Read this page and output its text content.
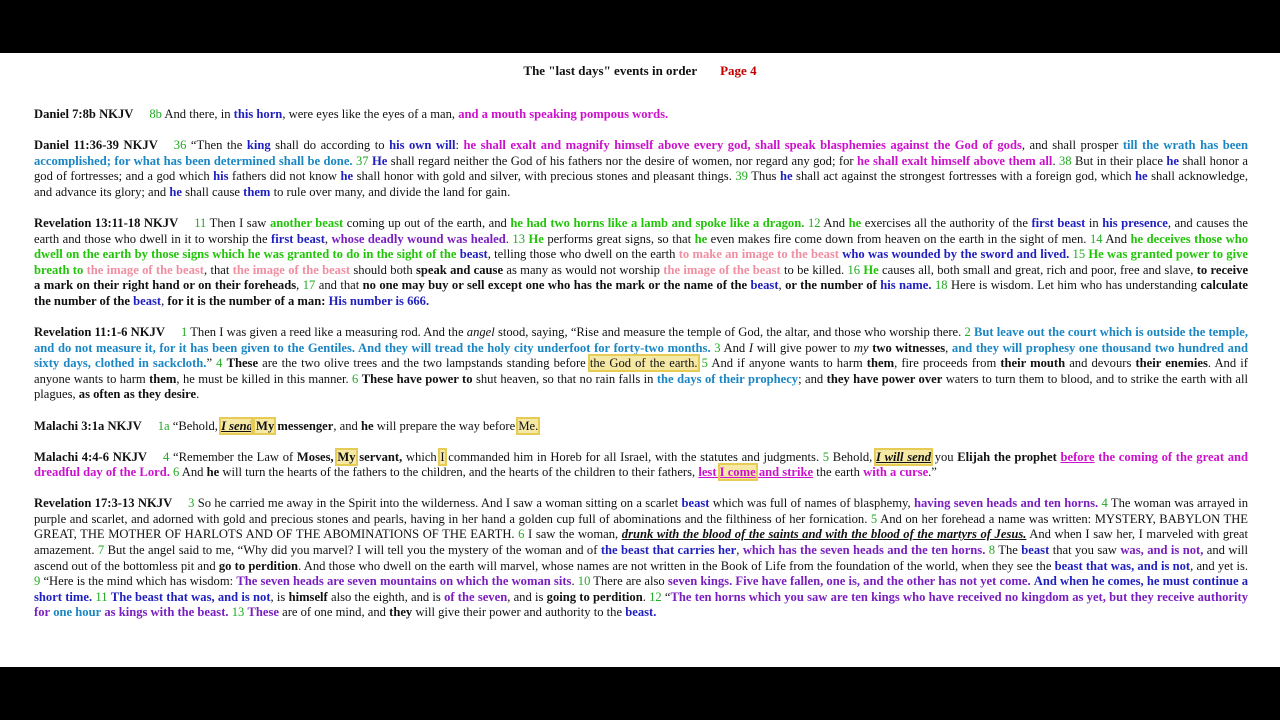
The "last days" events in order Page 4

Daniel 7:8b NKJV 8b And there, in this horn, were eyes like the eyes of a man, and a mouth speaking pompous words.

Daniel 11:36-39 NKJV 36 “Then the king shall do according to his own will: he shall exalt and magnify himself above every god, shall speak blasphemies against the God of gods, and shall prosper till the wrath has been accomplished; for what has been determined shall be done. 37 He shall regard neither the God of his fathers nor the desire of women, nor regard any god; for he shall exalt himself above them all. 38 But in their place he shall honor a god of fortresses; and a god which his fathers did not know he shall honor with gold and silver, with precious stones and pleasant things. 39 Thus he shall act against the strongest fortresses with a foreign god, which he shall acknowledge, and advance its glory; and he shall cause them to rule over many, and divide the land for gain.

Revelation 13:11-18 NKJV 11 Then I saw another beast coming up out of the earth, and he had two horns like a lamb and spoke like a dragon. 12 And he exercises all the authority of the first beast in his presence, and causes the earth and those who dwell in it to worship the first beast, whose deadly wound was healed. 13 He performs great signs, so that he even makes fire come down from heaven on the earth in the sight of men. 14 And he deceives those who dwell on the earth by those signs which he was granted to do in the sight of the beast, telling those who dwell on the earth to make an image to the beast who was wounded by the sword and lived. 15 He was granted power to give breath to the image of the beast, that the image of the beast should both speak and cause as many as would not worship the image of the beast to be killed. 16 He causes all, both small and great, rich and poor, free and slave, to receive a mark on their right hand or on their foreheads, 17 and that no one may buy or sell except one who has the mark or the name of the beast, or the number of his name. 18 Here is wisdom. Let him who has understanding calculate the number of the beast, for it is the number of a man: His number is 666.

Revelation 11:1-6 NKJV 1 Then I was given a reed like a measuring rod. And the angel stood, saying, “Rise and measure the temple of God, the altar, and those who worship there. 2 But leave out the court which is outside the temple, and do not measure it, for it has been given to the Gentiles. And they will tread the holy city underfoot for forty-two months. 3 And I will give power to my two witnesses, and they will prophesy one thousand two hundred and sixty days, clothed in sackcloth.” 4 These are the two olive trees and the two lampstands standing before the God of the earth. 5 And if anyone wants to harm them, fire proceeds from their mouth and devours their enemies. And if anyone wants to harm them, he must be killed in this manner. 6 These have power to shut heaven, so that no rain falls in the days of their prophecy; and they have power over waters to turn them to blood, and to strike the earth with all plagues, as often as they desire.

Malachi 3:1a NKJV 1a “Behold, I send My messenger, and he will prepare the way before Me.

Malachi 4:4-6 NKJV 4 “Remember the Law of Moses, My servant, which I commanded him in Horeb for all Israel, with the statutes and judgments. 5 Behold, I will send you Elijah the prophet before the coming of the great and dreadful day of the Lord. 6 And he will turn the hearts of the fathers to the children, and the hearts of the children to their fathers, lest I come and strike the earth with a curse.”

Revelation 17:3-13 NKJV 3 So he carried me away in the Spirit into the wilderness. And I saw a woman sitting on a scarlet beast which was full of names of blasphemy, having seven heads and ten horns. 4 The woman was arrayed in purple and scarlet, and adorned with gold and precious stones and pearls, having in her hand a golden cup full of abominations and the filthiness of her fornication. 5 And on her forehead a name was written: MYSTERY, BABYLON THE GREAT, THE MOTHER OF HARLOTS AND OF THE ABOMINATIONS OF THE EARTH. 6 I saw the woman, drunk with the blood of the saints and with the blood of the martyrs of Jesus. And when I saw her, I marveled with great amazement. 7 But the angel said to me, “Why did you marvel? I will tell you the mystery of the woman and of the beast that carries her, which has the seven heads and the ten horns. 8 The beast that you saw was, and is not, and will ascend out of the bottomless pit and go to perdition. And those who dwell on the earth will marvel, whose names are not written in the Book of Life from the foundation of the world, when they see the beast that was, and is not, and yet is. 9 “Here is the mind which has wisdom: The seven heads are seven mountains on which the woman sits. 10 There are also seven kings. Five have fallen, one is, and the other has not yet come. And when he comes, he must continue a short time. 11 The beast that was, and is not, is himself also the eighth, and is of the seven, and is going to perdition. 12 “The ten horns which you saw are ten kings who have received no kingdom as yet, but they receive authority for one hour as kings with the beast. 13 These are of one mind, and they will give their power and authority to the beast.
